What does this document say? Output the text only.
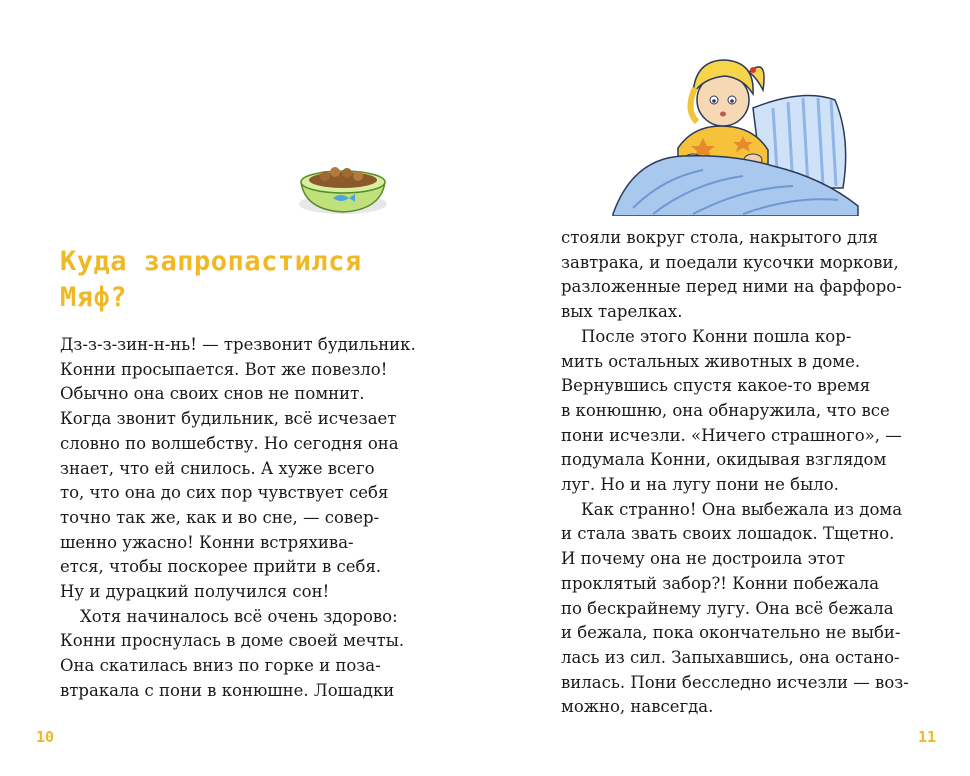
Куда запропастился
Мяф?
Дз-з-з-зин-н-нь! — трезвонит будильник.
Конни просыпается. Вот же повезло!
Обычно она своих снов не помнит.
Когда звонит будильник, всё исчезает
словно по волшебству. Но сегодня она
знает, что ей снилось. А хуже всего
то, что она до сих пор чувствует себя
точно так же, как и во сне, — совер-
шенно ужасно! Конни встряхива-
ется, чтобы поскорее прийти в себя.
Ну и дурацкий получился сон!
Хотя начиналось всё очень здорово:
Конни проснулась в доме своей мечты.
Она скатилась вниз по горке и поза-
втракала с пони в конюшне. Лошадки
10
стояли вокруг стола, накрытого для
завтрака, и поедали кусочки моркови,
разложенные перед ними на фарфоро-
вых тарелках.
После этого Конни пошла кор-
мить остальных животных в доме.
Вернувшись спустя какое-то время
в конюшню, она обнаружила, что все
пони исчезли. «Ничего страшного», —
подумала Конни, окидывая взглядом
луг. Но и на лугу пони не было.
Как странно! Она выбежала из дома
и стала звать своих лошадок. Тщетно.
И почему она не достроила этот
проклятый забор?! Конни побежала
по бескрайнему лугу. Она всё бежала
и бежала, пока окончательно не выби-
лась из сил. Запыхавшись, она остано-
вилась. Пони бесследно исчезли — воз-
можно, навсегда.
11
